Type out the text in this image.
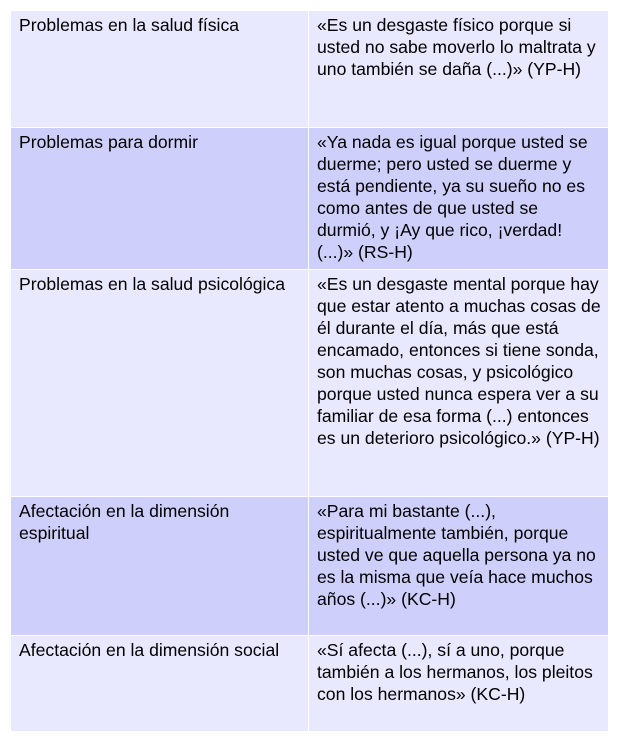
Problemas en la salud física	«Es un desgaste físico porque si usted no sabe moverlo lo maltrata y uno también se daña (...)» (YP-H)
Problemas para dormir	«Ya nada es igual porque usted se duerme; pero usted se duerme y está pendiente, ya su sueño no es como antes de que usted se durmió, y ¡Ay que rico, ¡verdad! (...)» (RS-H)
Problemas en la salud psicológica	«Es un desgaste mental porque hay que estar atento a muchas cosas de él durante el día, más que está encamado, entonces si tiene sonda, son muchas cosas, y psicológico porque usted nunca espera ver a su familiar de esa forma (...) entonces es un deterioro psicológico.» (YP-H)
Afectación en la dimensión espiritual	«Para mi bastante (...), espiritualmente también, porque usted ve que aquella persona ya no es la misma que veía hace muchos años (...)» (KC-H)
Afectación en la dimensión social	«Sí afecta (...), sí a uno, porque también a los hermanos, los pleitos con los hermanos» (KC-H)
